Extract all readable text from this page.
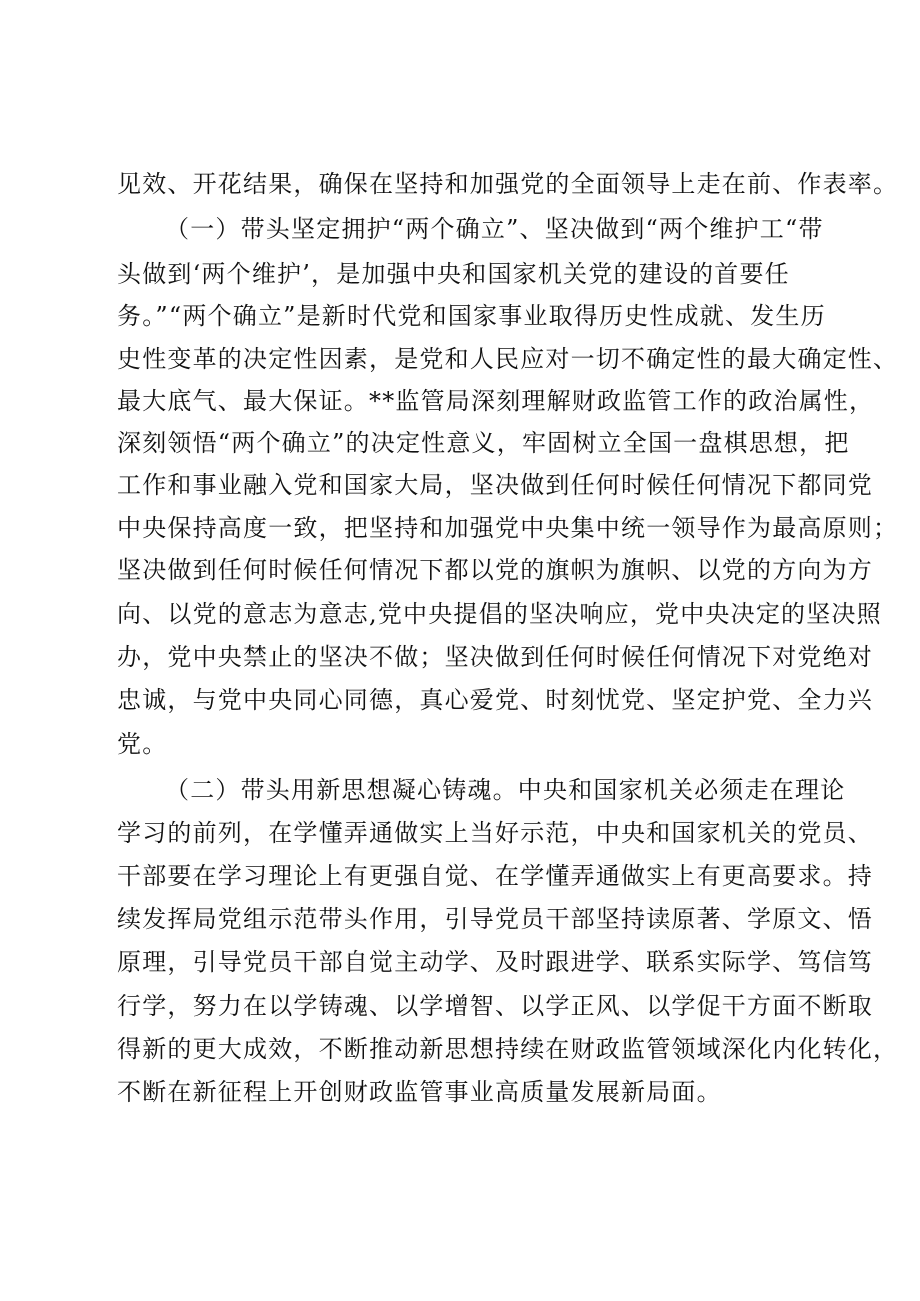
见效、开花结果，确保在坚持和加强党的全面领导上走在前、作表率。
（一）带头坚定拥护“两个确立”、坚决做到“两个维护工“带
头做到‘两个维护’，是加强中央和国家机关党的建设的首要任
务。”“两个确立”是新时代党和国家事业取得历史性成就、发生历
史性变革的决定性因素，是党和人民应对一切不确定性的最大确定性、
最大底气、最大保证。**监管局深刻理解财政监管工作的政治属性，
深刻领悟“两个确立”的决定性意义，牢固树立全国一盘棋思想，把
工作和事业融入党和国家大局，坚决做到任何时候任何情况下都同党
中央保持高度一致，把坚持和加强党中央集中统一领导作为最高原则；
坚决做到任何时候任何情况下都以党的旗帜为旗帜、以党的方向为方
向、以党的意志为意志,党中央提倡的坚决响应，党中央决定的坚决照
办，党中央禁止的坚决不做；坚决做到任何时候任何情况下对党绝对
忠诚，与党中央同心同德，真心爱党、时刻忧党、坚定护党、全力兴
党。
（二）带头用新思想凝心铸魂。中央和国家机关必须走在理论
学习的前列，在学懂弄通做实上当好示范，中央和国家机关的党员、
干部要在学习理论上有更强自觉、在学懂弄通做实上有更高要求。持
续发挥局党组示范带头作用，引导党员干部坚持读原著、学原文、悟
原理，引导党员干部自觉主动学、及时跟进学、联系实际学、笃信笃
行学，努力在以学铸魂、以学增智、以学正风、以学促干方面不断取
得新的更大成效，不断推动新思想持续在财政监管领域深化内化转化，
不断在新征程上开创财政监管事业高质量发展新局面。
